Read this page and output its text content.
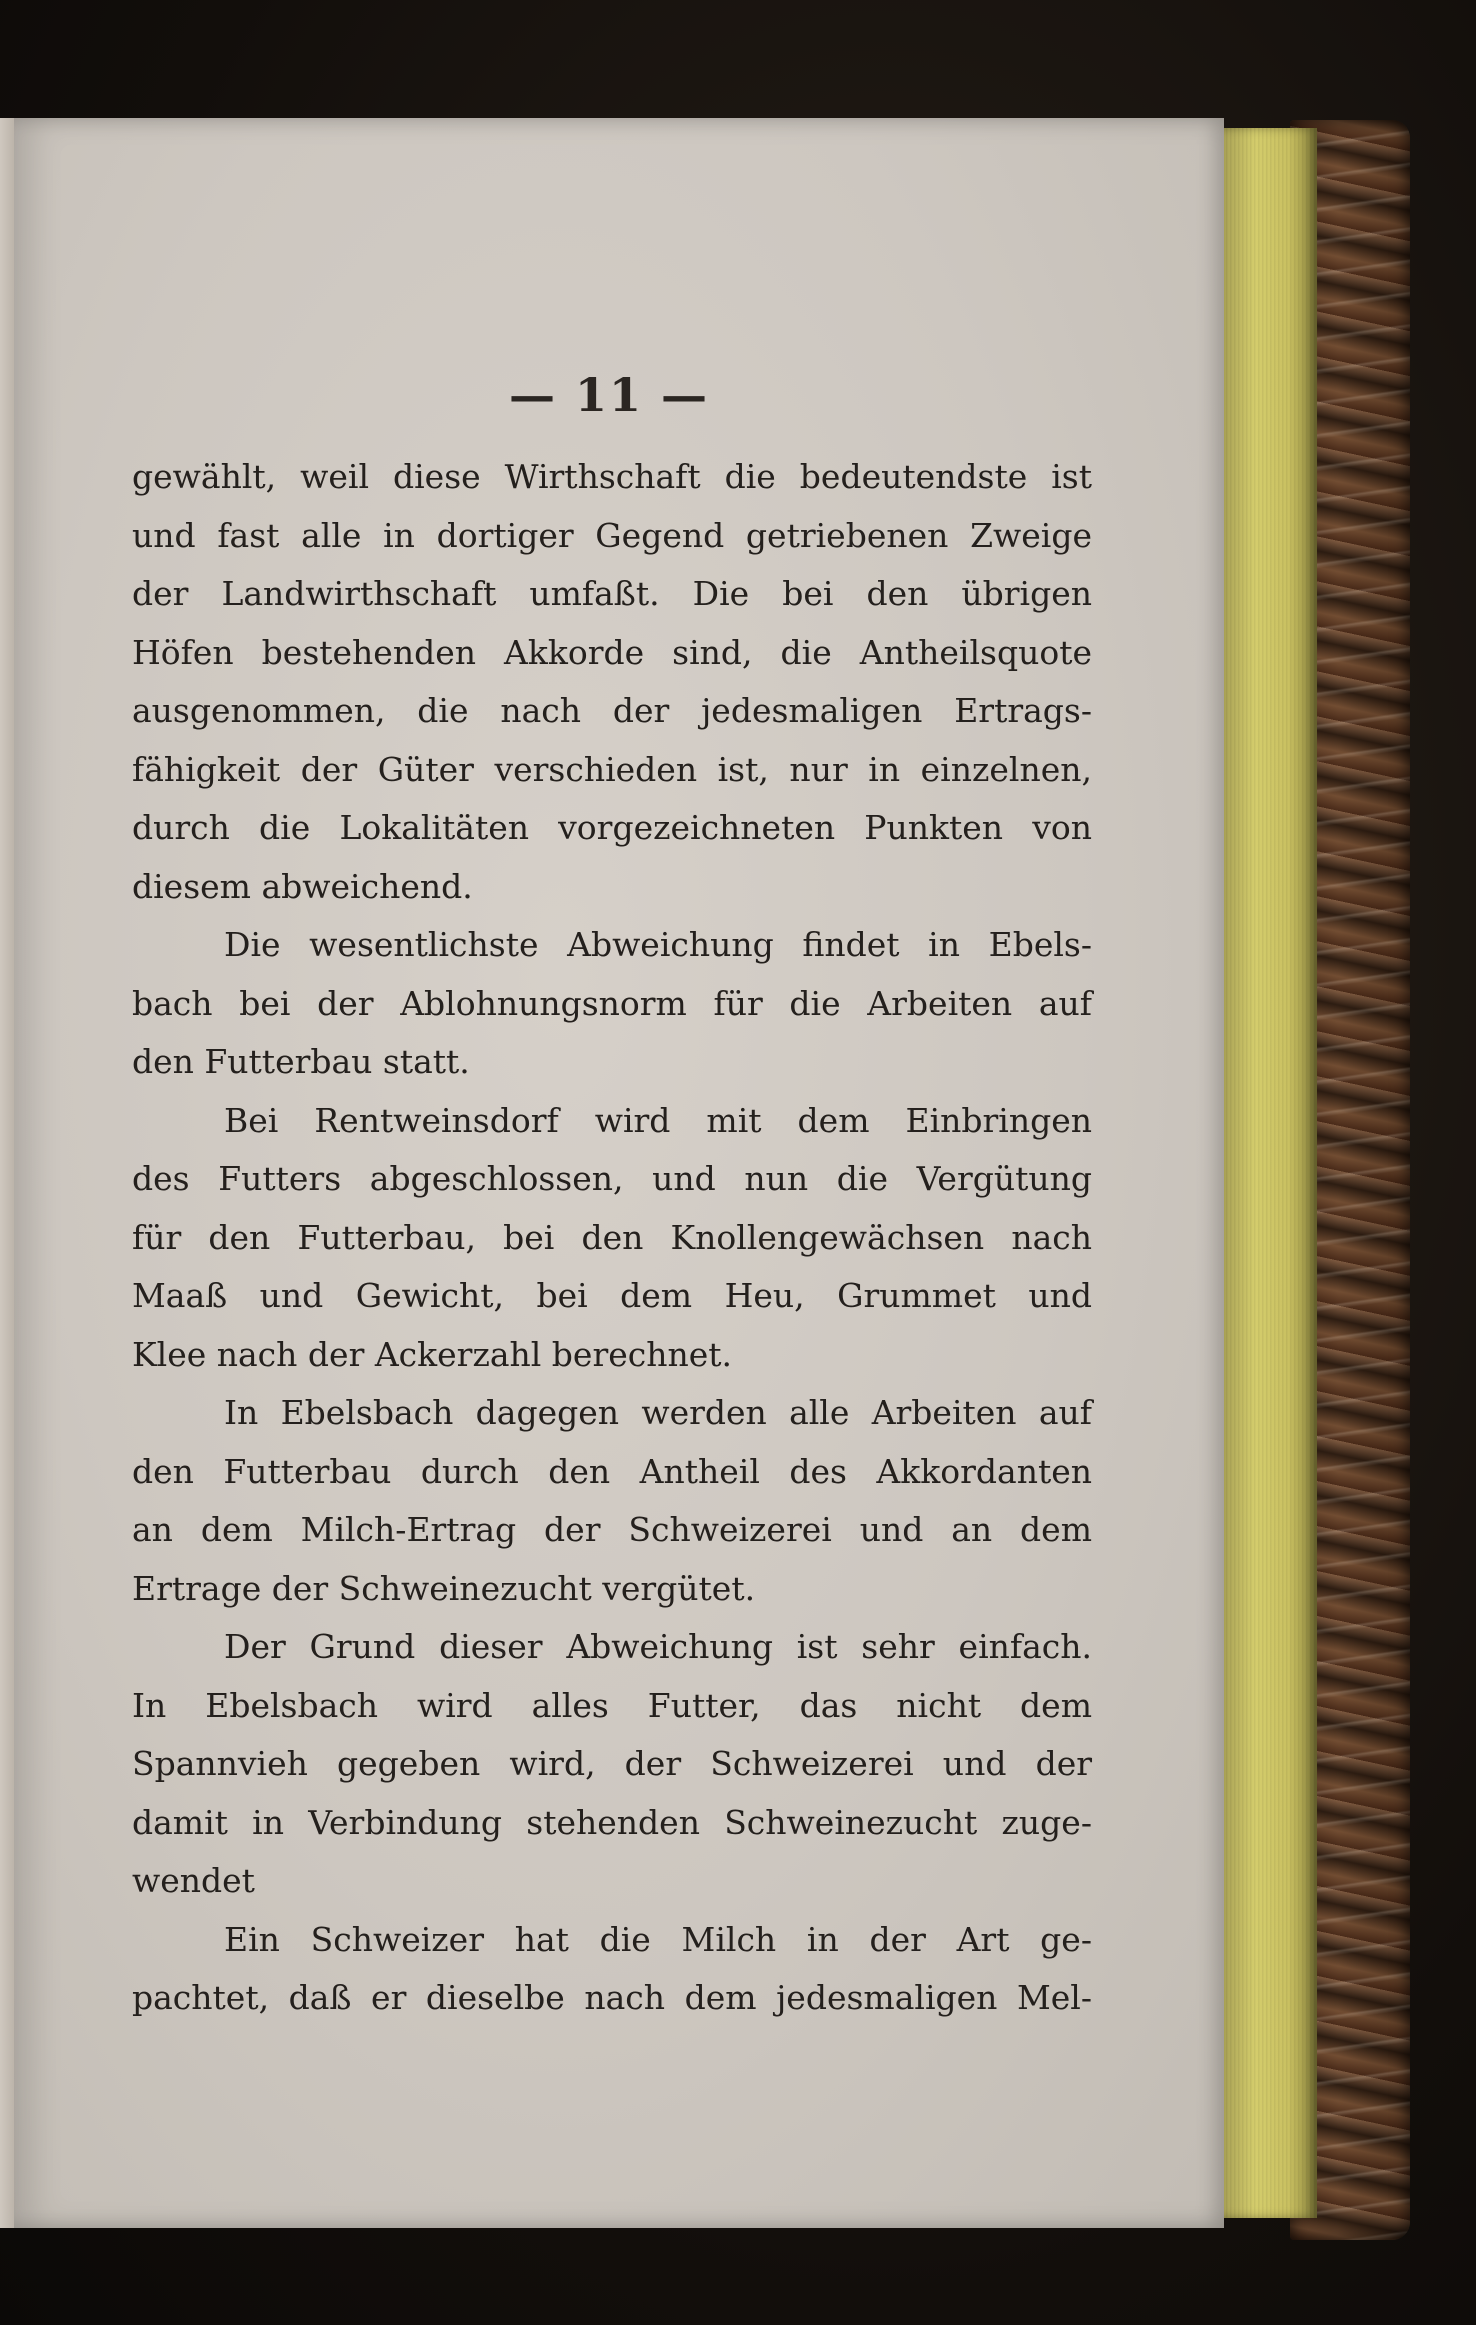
— 11 —
gewählt, weil diese Wirthschaft die bedeutendste ist
und fast alle in dortiger Gegend getriebenen Zweige
der Landwirthschaft umfaßt. Die bei den übrigen
Höfen bestehenden Akkorde sind, die Antheilsquote
ausgenommen, die nach der jedesmaligen Ertrags-
fähigkeit der Güter verschieden ist, nur in einzelnen,
durch die Lokalitäten vorgezeichneten Punkten von
diesem abweichend.
Die wesentlichste Abweichung findet in Ebels-
bach bei der Ablohnungsnorm für die Arbeiten auf
den Futterbau statt.
Bei Rentweinsdorf wird mit dem Einbringen
des Futters abgeschlossen, und nun die Vergütung
für den Futterbau, bei den Knollengewächsen nach
Maaß und Gewicht, bei dem Heu, Grummet und
Klee nach der Ackerzahl berechnet.
In Ebelsbach dagegen werden alle Arbeiten auf
den Futterbau durch den Antheil des Akkordanten
an dem Milch-Ertrag der Schweizerei und an dem
Ertrage der Schweinezucht vergütet.
Der Grund dieser Abweichung ist sehr einfach.
In Ebelsbach wird alles Futter, das nicht dem
Spannvieh gegeben wird, der Schweizerei und der
damit in Verbindung stehenden Schweinezucht zuge-
wendet
Ein Schweizer hat die Milch in der Art ge-
pachtet, daß er dieselbe nach dem jedesmaligen Mel-
